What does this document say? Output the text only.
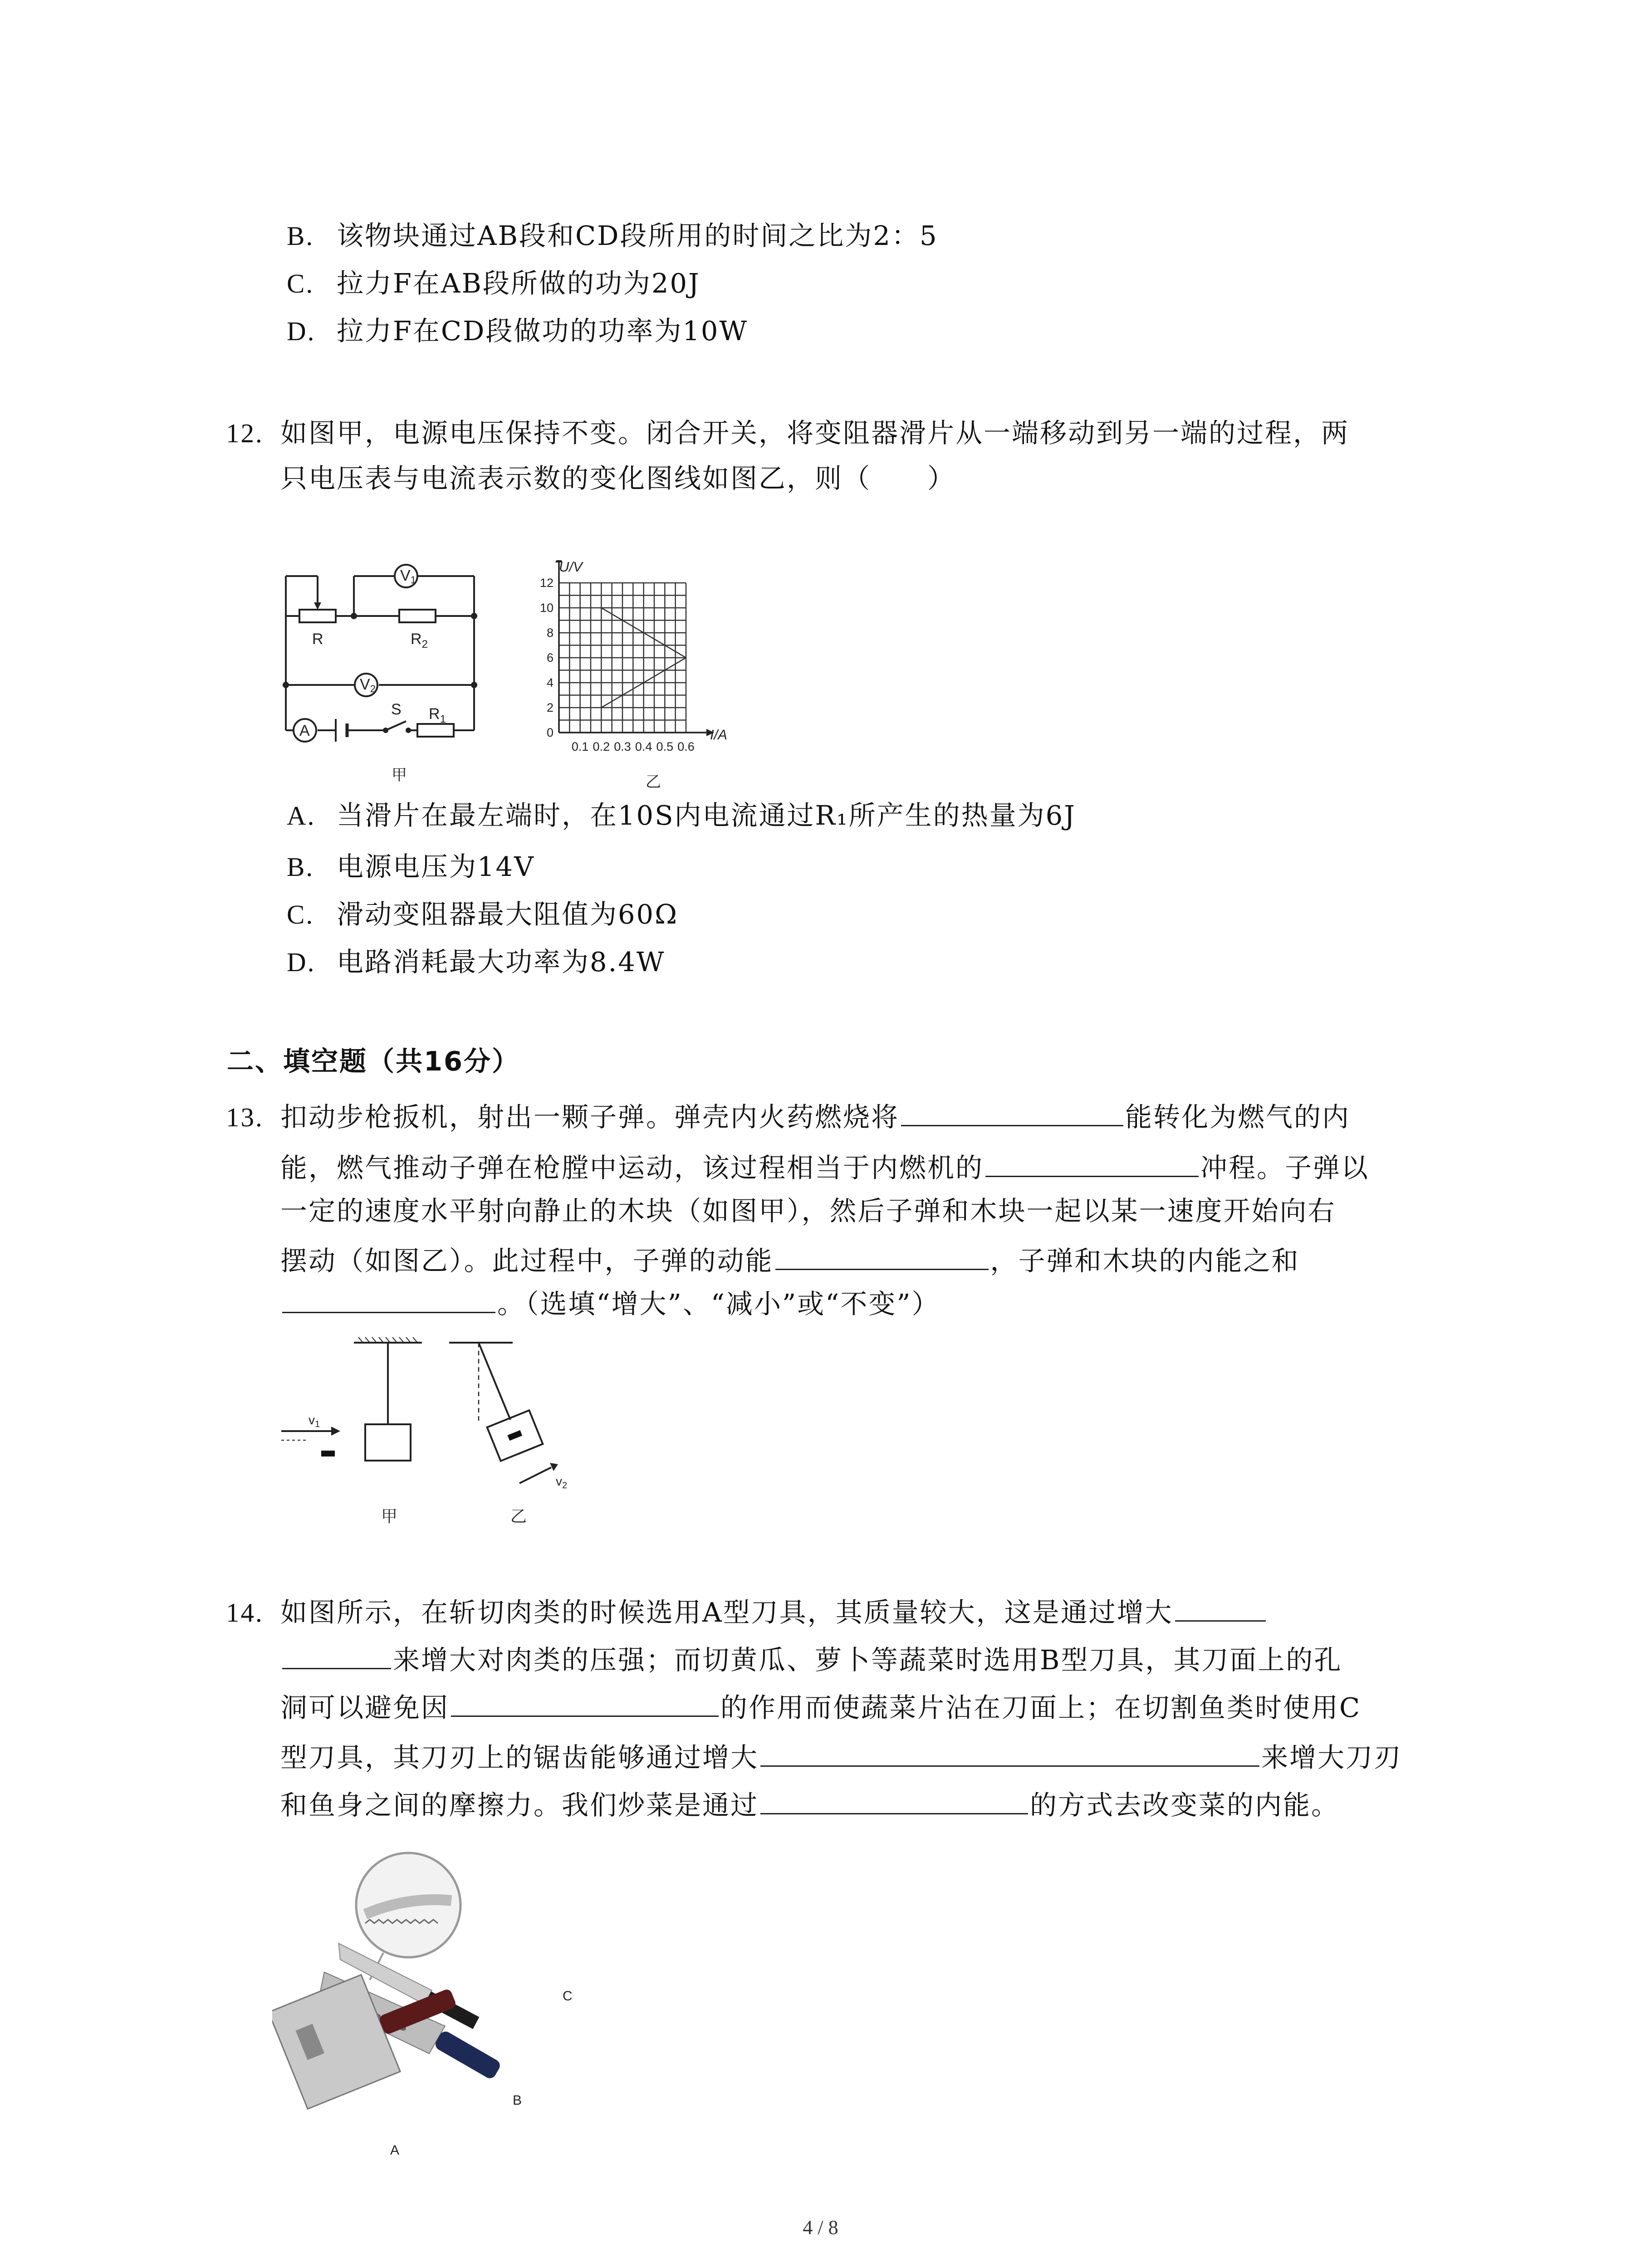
B. 该物块通过AB段和CD段所用的时间之比为2：5
C. 拉力F在AB段所做的功为20J
D. 拉力F在CD段做功的功率为10W
12. 如图甲，电源电压保持不变。闭合开关，将变阻器滑片从一端移动到另一端的过程，两
只电压表与电流表示数的变化图线如图乙，则（　　）
R	$R_2$
V1
V2
A
S $R_1$
甲
12
10
8
6
4
2
0
0.1 0.2 0.3 0.4 0.5 0.6
U/V
I/A
乙
A. 当滑片在最左端时，在10S内电流通过R₁所产生的热量为6J
B. 电源电压为14V
C. 滑动变阻器最大阻值为60Ω
D. 电路消耗最大功率为8.4W
二、填空题（共16分）
13. 扣动步枪扳机，射出一颗子弹。弹壳内火药燃烧将	能转化为燃气的内
能，燃气推动子弹在枪膛中运动，该过程相当于内燃机的	冲程。子弹以
一定的速度水平射向静止的木块（如图甲），然后子弹和木块一起以某一速度开始向右
摆动（如图乙）。此过程中，子弹的动能	，子弹和木块的内能之和
。（选填“增大”、“减小”或“不变”）
$v_1$
$v_2$
甲	乙
14. 如图所示，在斩切肉类的时候选用A型刀具，其质量较大，这是通过增大
来增大对肉类的压强；而切黄瓜、萝卜等蔬菜时选用B型刀具，其刀面上的孔
洞可以避免因	的作用而使蔬菜片沾在刀面上；在切割鱼类时使用C
型刀具，其刀刃上的锯齿能够通过增大	来增大刀刃
和鱼身之间的摩擦力。我们炒菜是通过	的方式去改变菜的内能。
C
B
A
4 / 8
